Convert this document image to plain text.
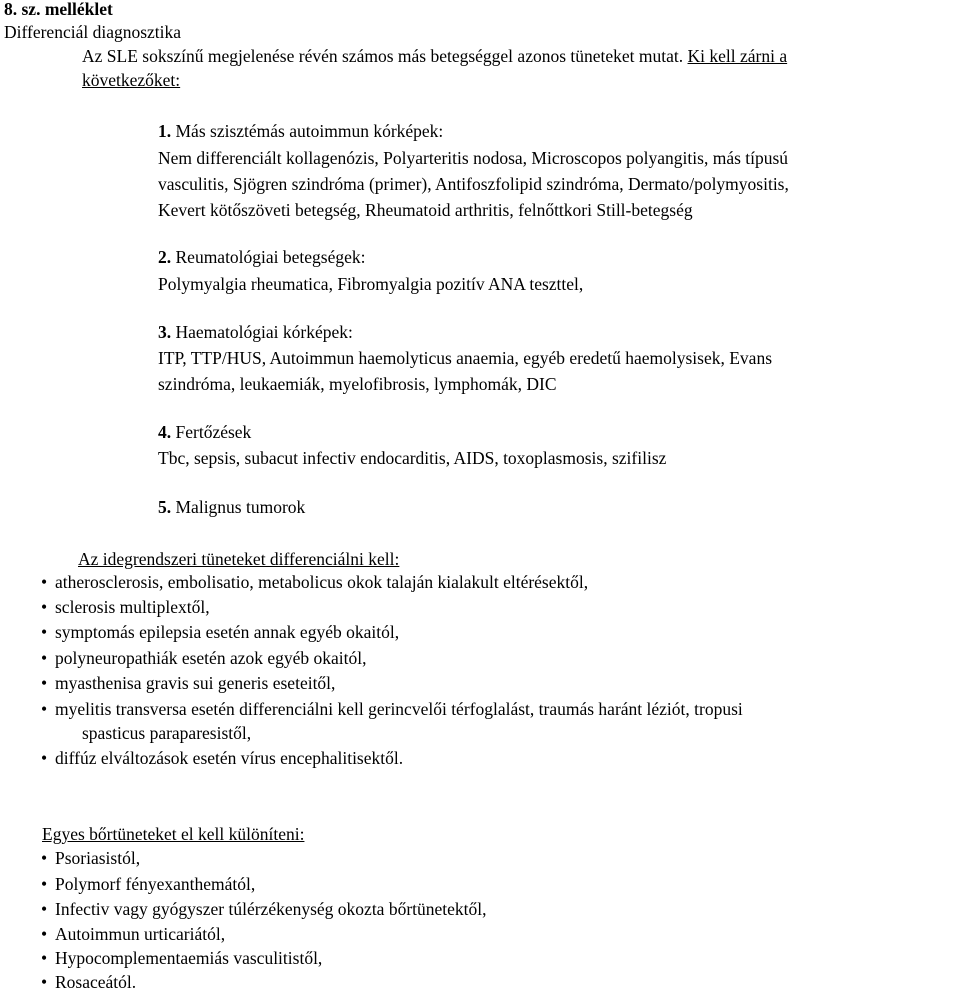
8. sz. melléklet
Differenciál diagnosztika
Az SLE sokszínű megjelenése révén számos más betegséggel azonos tüneteket mutat. Ki kell zárni a
következőket:
1. Más szisztémás autoimmun kórképek:
Nem differenciált kollagenózis, Polyarteritis nodosa, Microscopos polyangitis, más típusú
vasculitis, Sjögren szindróma (primer), Antifoszfolipid szindróma, Dermato/polymyositis,
Kevert kötőszöveti betegség, Rheumatoid arthritis, felnőttkori Still-betegség
2. Reumatológiai betegségek:
Polymyalgia rheumatica, Fibromyalgia pozitív ANA teszttel,
3. Haematológiai kórképek:
ITP, TTP/HUS, Autoimmun haemolyticus anaemia, egyéb eredetű haemolysisek, Evans
szindróma, leukaemiák, myelofibrosis, lymphomák, DIC
4. Fertőzések
Tbc, sepsis, subacut infectiv endocarditis, AIDS, toxoplasmosis, szifilisz
5. Malignus tumorok
Az idegrendszeri tüneteket differenciálni kell:
• atherosclerosis, embolisatio, metabolicus okok talaján kialakult eltérésektől,
• sclerosis multiplextől,
• symptomás epilepsia esetén annak egyéb okaitól,
• polyneuropathiák esetén azok egyéb okaitól,
• myasthenisa gravis sui generis eseteitől,
• myelitis transversa esetén differenciálni kell gerincvelői térfoglalást, traumás haránt léziót, tropusi
spasticus paraparesistől,
• diffúz elváltozások esetén vírus encephalitisektől.
Egyes bőrtüneteket el kell különíteni:
• Psoriasistól,
• Polymorf fényexanthemától,
• Infectiv vagy gyógyszer túlérzékenység okozta bőrtünetektől,
• Autoimmun urticariától,
• Hypocomplementaemiás vasculitistől,
• Rosaceától.
